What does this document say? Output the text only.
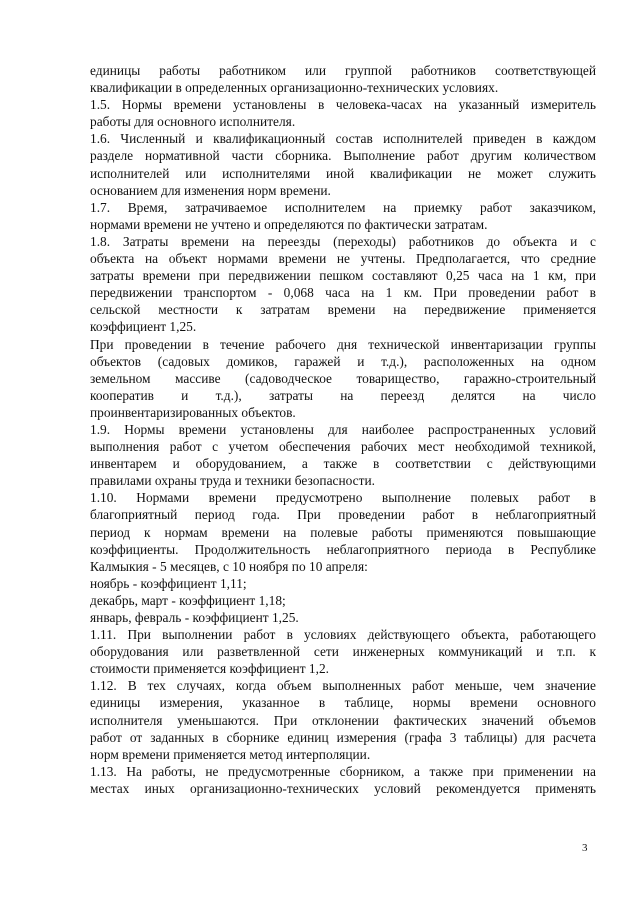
единицы работы работником или группой работников соответствующей
квалификации в определенных организационно-технических условиях.

1.5. Нормы времени установлены в человека-часах на указанный измеритель
работы для основного исполнителя.

1.6. Численный и квалификационный состав исполнителей приведен в каждом
разделе нормативной части сборника. Выполнение работ другим количеством
исполнителей или исполнителями иной квалификации не может служить
основанием для изменения норм времени.

1.7. Время, затрачиваемое исполнителем на приемку работ заказчиком,
нормами времени не учтено и определяются по фактически затратам.

1.8. Затраты времени на переезды (переходы) работников до объекта и с
объекта на объект нормами времени не учтены. Предполагается, что средние
затраты времени при передвижении пешком составляют 0,25 часа на 1 км, при
передвижении транспортом - 0,068 часа на 1 км. При проведении работ в
сельской местности к затратам времени на передвижение применяется
коэффициент 1,25.

При проведении в течение рабочего дня технической инвентаризации группы
объектов (садовых домиков, гаражей и т.д.), расположенных на одном
земельном массиве (садоводческое товарищество, гаражно-строительный
кооператив и т.д.), затраты на переезд делятся на число
проинвентаризированных объектов.

1.9. Нормы времени установлены для наиболее распространенных условий
выполнения работ с учетом обеспечения рабочих мест необходимой техникой,
инвентарем и оборудованием, а также в соответствии с действующими
правилами охраны труда и техники безопасности.

1.10. Нормами времени предусмотрено выполнение полевых работ в
благоприятный период года. При проведении работ в неблагоприятный
период к нормам времени на полевые работы применяются повышающие
коэффициенты. Продолжительность неблагоприятного периода в Республике
Калмыкия - 5 месяцев, с 10 ноября по 10 апреля:

ноябрь - коэффициент 1,11;

декабрь, март - коэффициент 1,18;

январь, февраль - коэффициент 1,25.

1.11. При выполнении работ в условиях действующего объекта, работающего
оборудования или разветвленной сети инженерных коммуникаций и т.п. к
стоимости применяется коэффициент 1,2.

1.12. В тех случаях, когда объем выполненных работ меньше, чем значение
единицы измерения, указанное в таблице, нормы времени основного
исполнителя уменьшаются. При отклонении фактических значений объемов
работ от заданных в сборнике единиц измерения (графа 3 таблицы) для расчета
норм времени применяется метод интерполяции.

1.13. На работы, не предусмотренные сборником, а также при применении на
местах иных организационно-технических условий рекомендуется применять

3
